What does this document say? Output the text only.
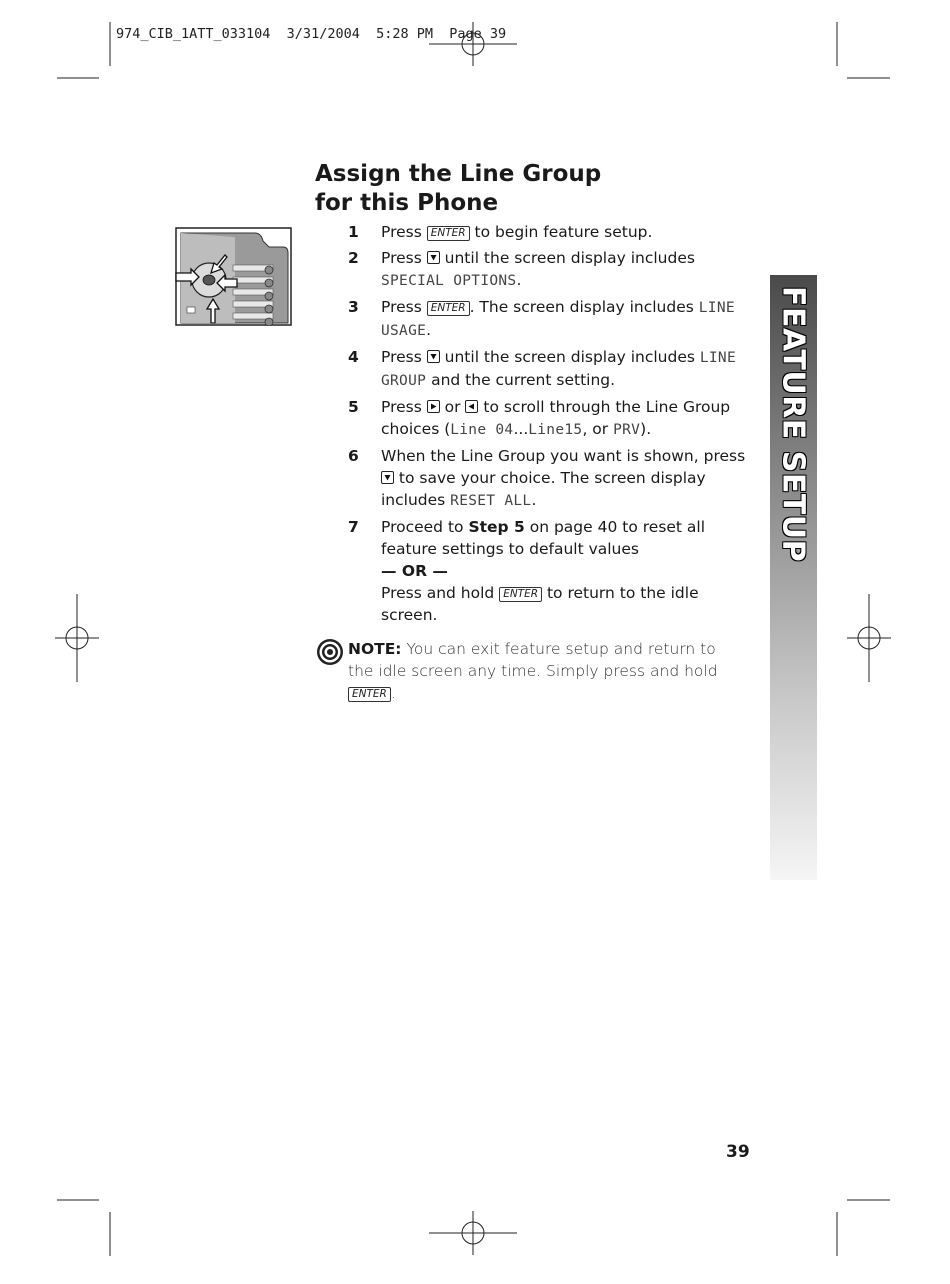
974_CIB_1ATT_033104  3/31/2004  5:28 PM  Page 39
Assign the Line Group
for this Phone
1 Press ENTER to begin feature setup.
2 Press
until the screen display includes SPECIAL OPTIONS.
3 Press ENTER . The screen display includes LINE USAGE.
4 Press
until the screen display includes LINE GROUP and the current setting.
5 Press
or
to scroll through the Line Group choices (Line 04...Line15, or PRV).
6 When the Line Group you want is shown, press
to save your choice. The screen display includes RESET ALL.
7 Proceed to Step 5 on page 40 to reset all feature settings to default values
— OR —
Press and hold ENTER to return to the idle screen.
NOTE: You can exit feature setup and return to the idle screen any time. Simply press and hold ENTER .
FEATURE SETUP
39
